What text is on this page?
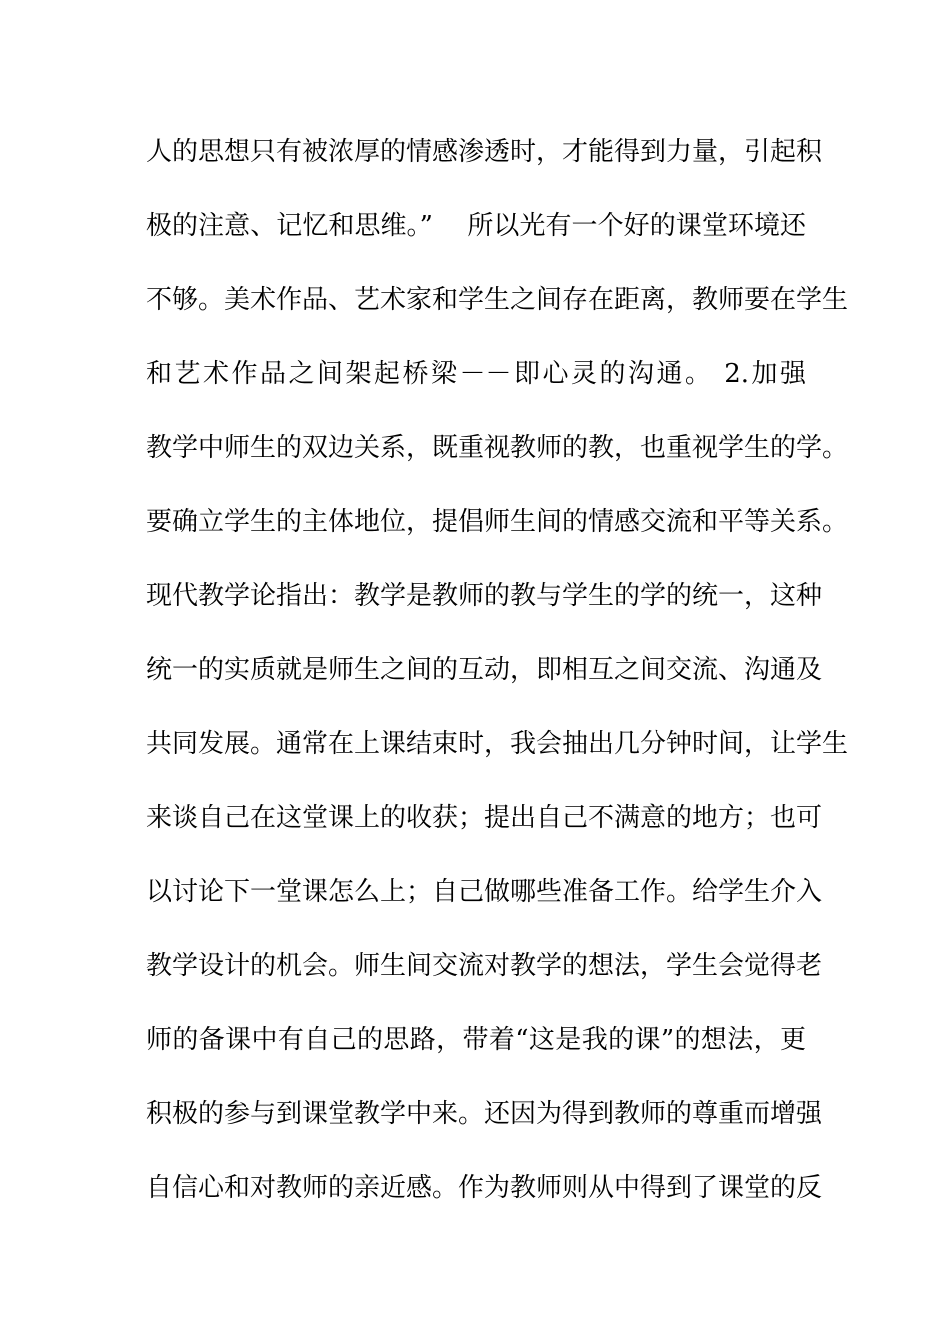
人的思想只有被浓厚的情感渗透时，才能得到力量，引起积
极的注意、记忆和思维。”　 所以光有一个好的课堂环境还
不够。美术作品、艺术家和学生之间存在距离，教师要在学生
和艺术作品之间架起桥梁－－即心灵的沟通。 2.加强
教学中师生的双边关系，既重视教师的教，也重视学生的学。
要确立学生的主体地位，提倡师生间的情感交流和平等关系。
现代教学论指出：教学是教师的教与学生的学的统一，这种
统一的实质就是师生之间的互动，即相互之间交流、沟通及
共同发展。通常在上课结束时，我会抽出几分钟时间，让学生
来谈自己在这堂课上的收获；提出自己不满意的地方；也可
以讨论下一堂课怎么上；自己做哪些准备工作。给学生介入
教学设计的机会。师生间交流对教学的想法，学生会觉得老
师的备课中有自己的思路，带着“这是我的课”的想法，更
积极的参与到课堂教学中来。还因为得到教师的尊重而增强
自信心和对教师的亲近感。作为教师则从中得到了课堂的反
